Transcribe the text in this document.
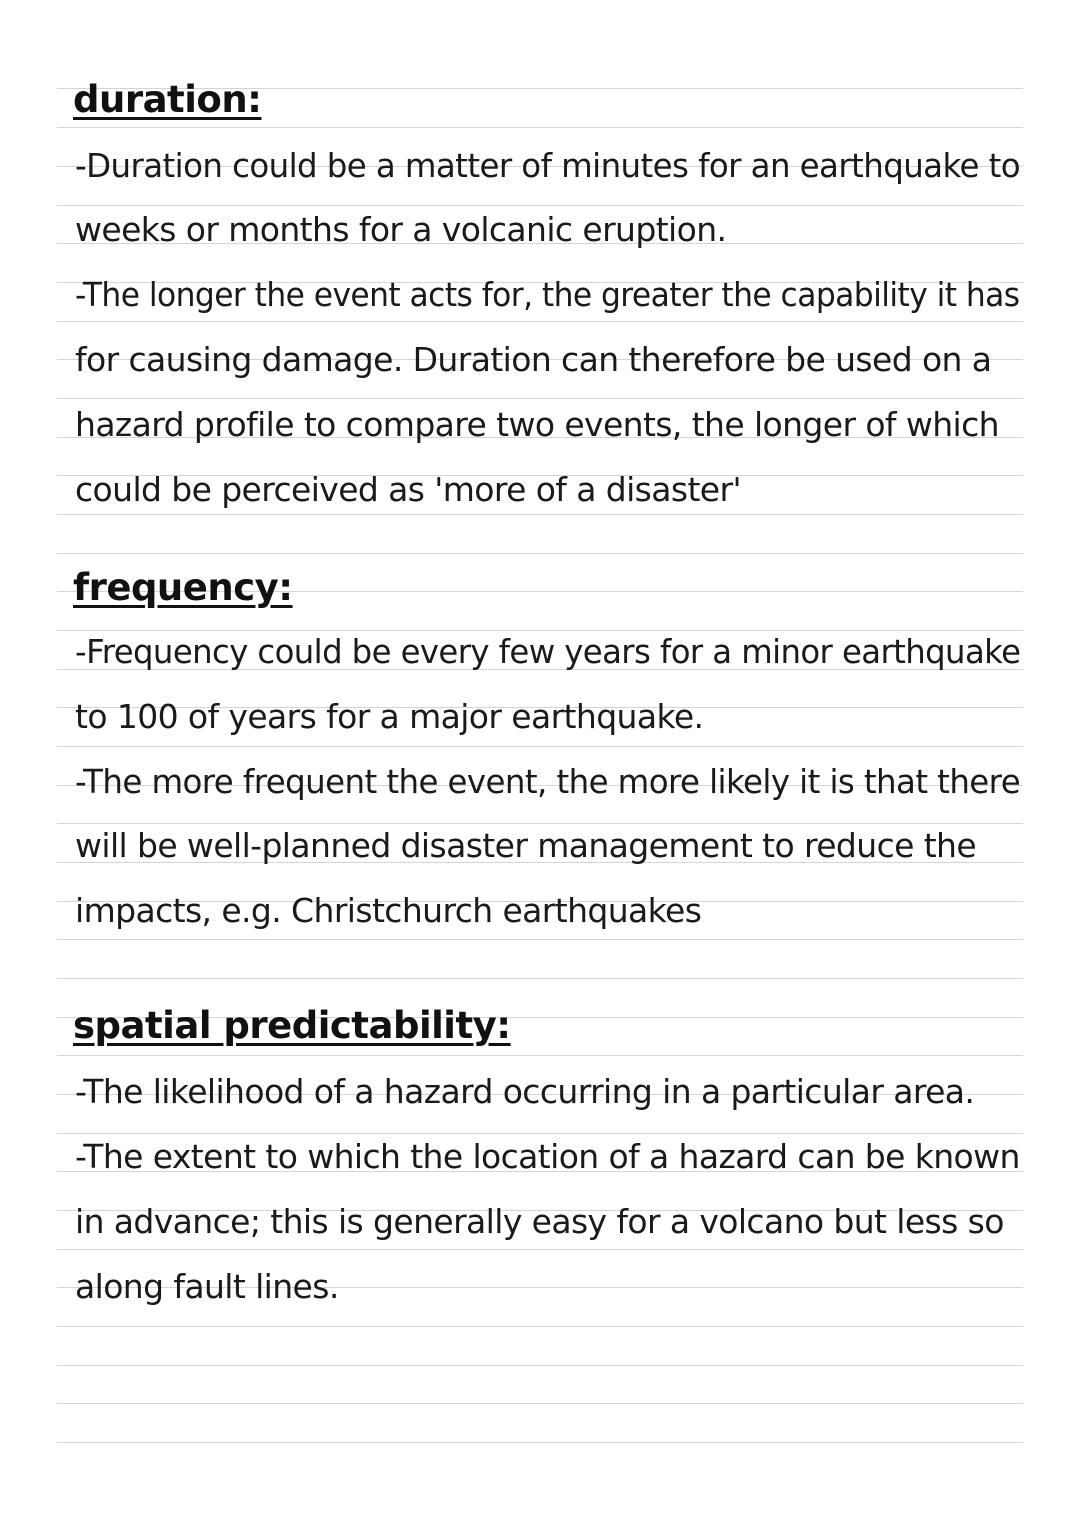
duration:
-Duration could be a matter of minutes for an earthquake to
weeks or months for a volcanic eruption.
-The longer the event acts for, the greater the capability it has
for causing damage. Duration can therefore be used on a
hazard profile to compare two events, the longer of which
could be perceived as 'more of a disaster'
frequency:
-Frequency could be every few years for a minor earthquake
to 100 of years for a major earthquake.
-The more frequent the event, the more likely it is that there
will be well-planned disaster management to reduce the
impacts, e.g. Christchurch earthquakes
spatial predictability:
-The likelihood of a hazard occurring in a particular area.
-The extent to which the location of a hazard can be known
in advance; this is generally easy for a volcano but less so
along fault lines.
